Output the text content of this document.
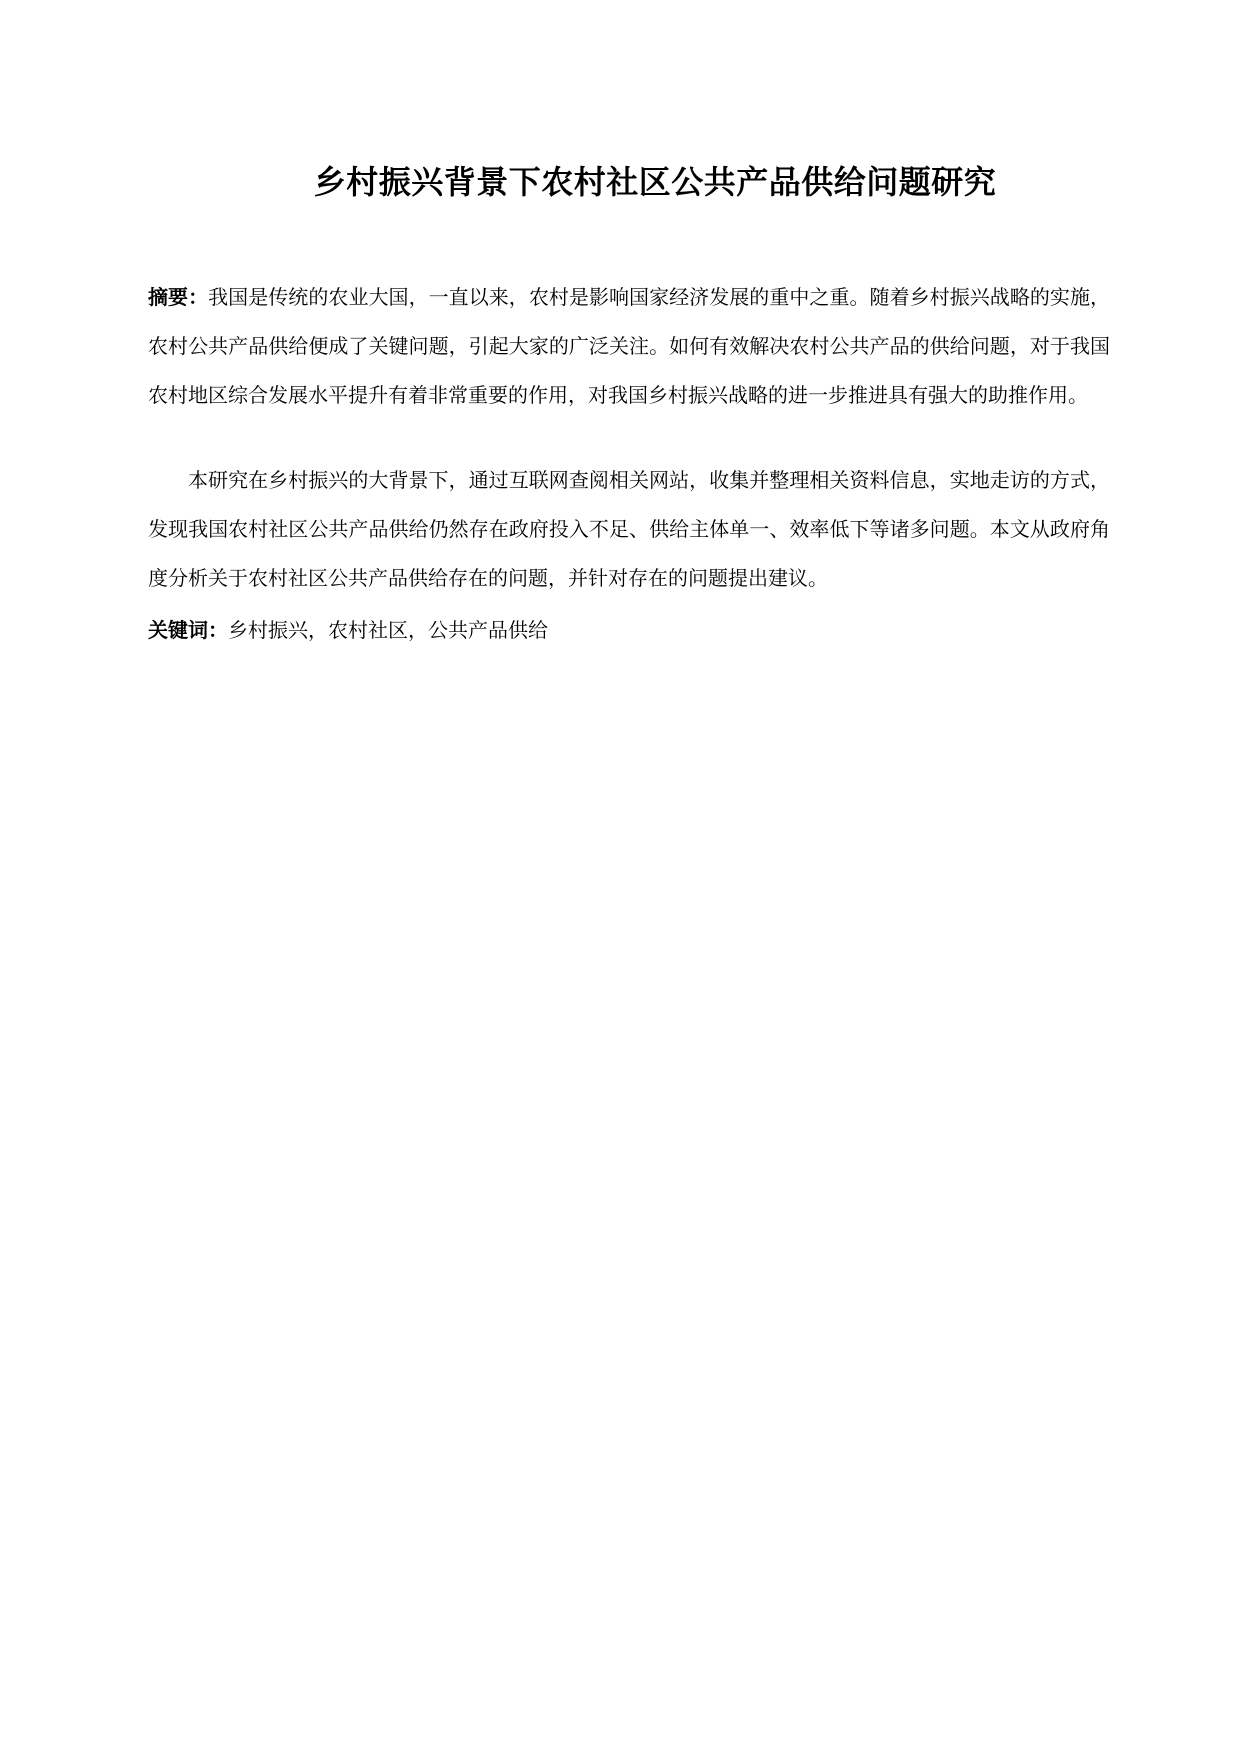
乡村振兴背景下农村社区公共产品供给问题研究
摘要：我国是传统的农业大国，一直以来，农村是影响国家经济发展的重中之重。随着乡村振兴战略的实施，农村公共产品供给便成了关键问题，引起大家的广泛关注。如何有效解决农村公共产品的供给问题，对于我国农村地区综合发展水平提升有着非常重要的作用，对我国乡村振兴战略的进一步推进具有强大的助推作用。
本研究在乡村振兴的大背景下，通过互联网查阅相关网站，收集并整理相关资料信息，实地走访的方式，发现我国农村社区公共产品供给仍然存在政府投入不足、供给主体单一、效率低下等诸多问题。本文从政府角度分析关于农村社区公共产品供给存在的问题，并针对存在的问题提出建议。
关键词：乡村振兴，农村社区，公共产品供给
